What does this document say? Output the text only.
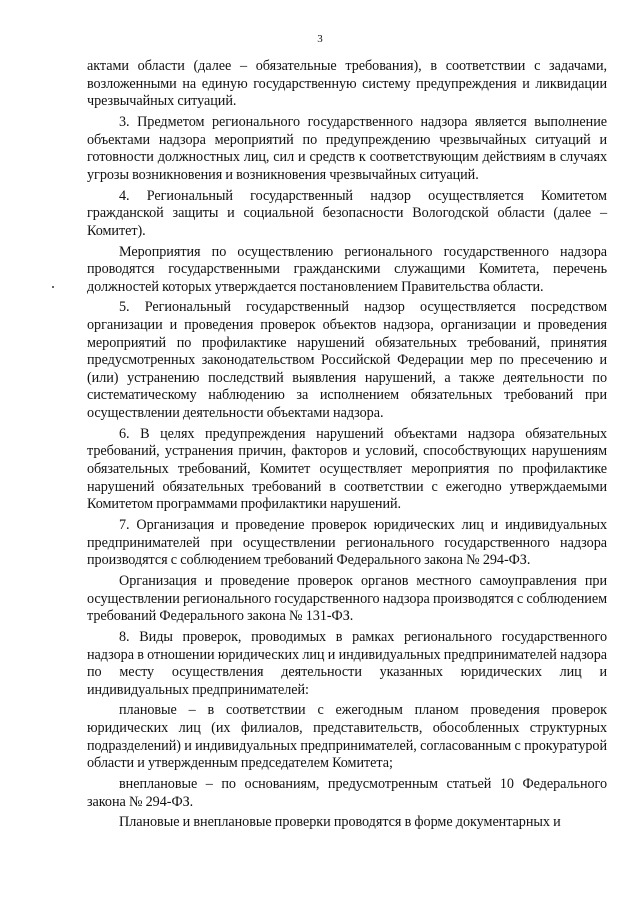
3

актами области (далее – обязательные требования), в соответствии с задачами, возложенными на единую государственную систему предупреждения и ликвидации чрезвычайных ситуаций.

3. Предметом регионального государственного надзора является выполнение объектами надзора мероприятий по предупреждению чрезвычайных ситуаций и готовности должностных лиц, сил и средств к соответствующим действиям в случаях угрозы возникновения и возникновения чрезвычайных ситуаций.

4. Региональный государственный надзор осуществляется Комитетом гражданской защиты и социальной безопасности Вологодской области (далее – Комитет).

Мероприятия по осуществлению регионального государственного надзора проводятся государственными гражданскими служащими Комитета, перечень должностей которых утверждается постановлением Правительства области.

5. Региональный государственный надзор осуществляется посредством организации и проведения проверок объектов надзора, организации и проведения мероприятий по профилактике нарушений обязательных требований, принятия предусмотренных законодательством Российской Федерации мер по пресечению и (или) устранению последствий выявления нарушений, а также деятельности по систематическому наблюдению за исполнением обязательных требований при осуществлении деятельности объектами надзора.

6. В целях предупреждения нарушений объектами надзора обязательных требований, устранения причин, факторов и условий, способствующих нарушениям обязательных требований, Комитет осуществляет мероприятия по профилактике нарушений обязательных требований в соответствии с ежегодно утверждаемыми Комитетом программами профилактики нарушений.

7. Организация и проведение проверок юридических лиц и индивидуальных предпринимателей при осуществлении регионального государственного надзора производятся с соблюдением требований Федерального закона № 294-ФЗ.

Организация и проведение проверок органов местного самоуправления при осуществлении регионального государственного надзора производятся с соблюдением требований Федерального закона № 131-ФЗ.

8. Виды проверок, проводимых в рамках регионального государственного надзора в отношении юридических лиц и индивидуальных предпринимателей надзора по месту осуществления деятельности указанных юридических лиц и индивидуальных предпринимателей:

плановые – в соответствии с ежегодным планом проведения проверок юридических лиц (их филиалов, представительств, обособленных структурных подразделений) и индивидуальных предпринимателей, согласованным с прокуратурой области и утвержденным председателем Комитета;

внеплановые – по основаниям, предусмотренным статьей 10 Федерального закона № 294-ФЗ.

Плановые и внеплановые проверки проводятся в форме документарных и
